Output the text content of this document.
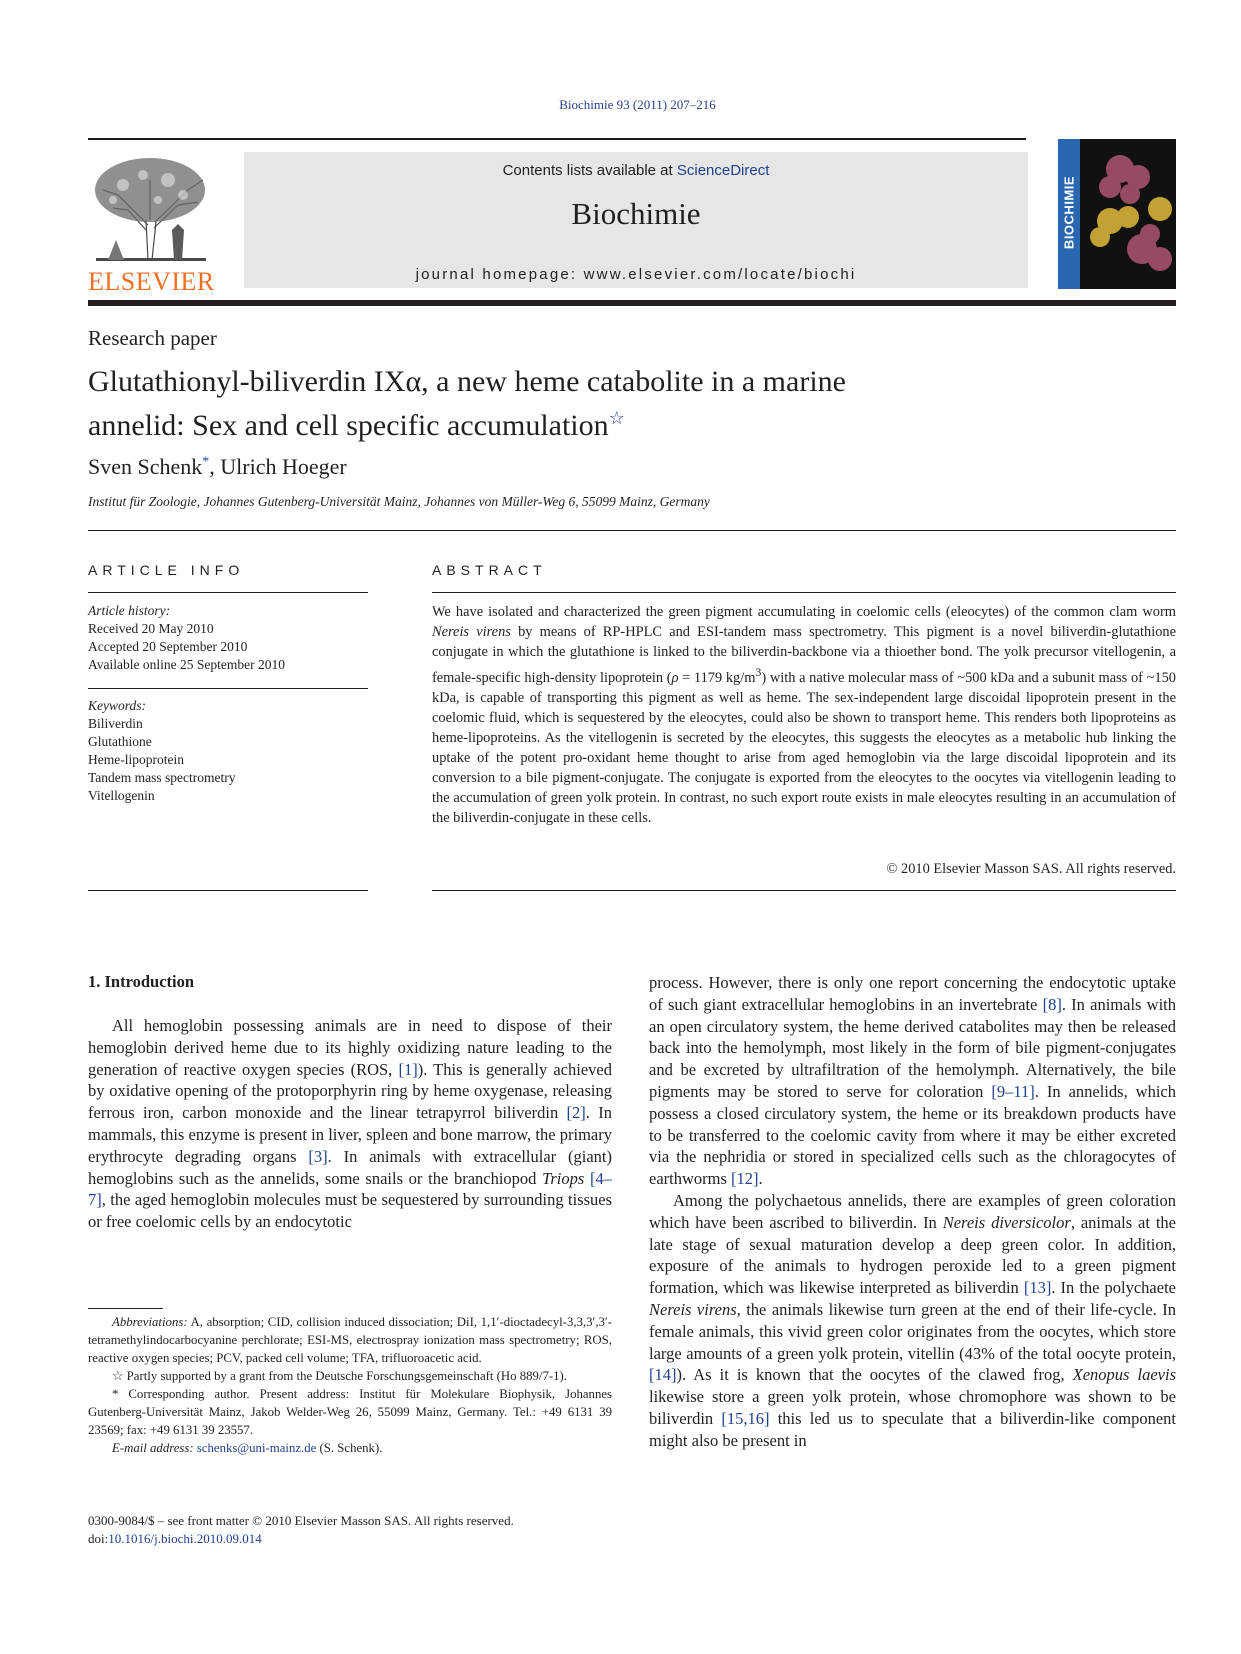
Biochimie 93 (2011) 207–216
ELSEVIER
Contents lists available at ScienceDirect
Biochimie
journal homepage: www.elsevier.com/locate/biochi
BIOCHIMIE
Research paper
Glutathionyl-biliverdin IXα, a new heme catabolite in a marine
annelid: Sex and cell specific accumulation☆
Sven Schenk*, Ulrich Hoeger
Institut für Zoologie, Johannes Gutenberg-Universität Mainz, Johannes von Müller-Weg 6, 55099 Mainz, Germany
ARTICLE INFO
Article history:
Received 20 May 2010
Accepted 20 September 2010
Available online 25 September 2010
Keywords:
Biliverdin
Glutathione
Heme-lipoprotein
Tandem mass spectrometry
Vitellogenin
ABSTRACT
We have isolated and characterized the green pigment accumulating in coelomic cells (eleocytes) of the common clam worm Nereis virens by means of RP-HPLC and ESI-tandem mass spectrometry. This pigment is a novel biliverdin-glutathione conjugate in which the glutathione is linked to the biliverdin-backbone via a thioether bond. The yolk precursor vitellogenin, a female-specific high-density lipoprotein (ρ = 1179 $kg/m^3$) with a native molecular mass of ~500 kDa and a subunit mass of ~150 kDa, is capable of transporting this pigment as well as heme. The sex-independent large discoidal lipoprotein present in the coelomic fluid, which is sequestered by the eleocytes, could also be shown to transport heme. This renders both lipoproteins as heme-lipoproteins. As the vitellogenin is secreted by the eleocytes, this suggests the eleocytes as a metabolic hub linking the uptake of the potent pro-oxidant heme thought to arise from aged hemoglobin via the large discoidal lipoprotein and its conversion to a bile pigment-conjugate. The conjugate is exported from the eleocytes to the oocytes via vitellogenin leading to the accumulation of green yolk protein. In contrast, no such export route exists in male eleocytes resulting in an accumulation of the biliverdin-conjugate in these cells.
© 2010 Elsevier Masson SAS. All rights reserved.
1. Introduction

All hemoglobin possessing animals are in need to dispose of their hemoglobin derived heme due to its highly oxidizing nature leading to the generation of reactive oxygen species (ROS, [1]). This is generally achieved by oxidative opening of the protoporphyrin ring by heme oxygenase, releasing ferrous iron, carbon monoxide and the linear tetrapyrrol biliverdin [2]. In mammals, this enzyme is present in liver, spleen and bone marrow, the primary erythrocyte degrading organs [3]. In animals with extracellular (giant) hemoglobins such as the annelids, some snails or the branchiopod Triops [4–7], the aged hemoglobin molecules must be sequestered by surrounding tissues or free coelomic cells by an endocytotic

process. However, there is only one report concerning the endocytotic uptake of such giant extracellular hemoglobins in an invertebrate [8]. In animals with an open circulatory system, the heme derived catabolites may then be released back into the hemolymph, most likely in the form of bile pigment-conjugates and be excreted by ultrafiltration of the hemolymph. Alternatively, the bile pigments may be stored to serve for coloration [9–11]. In annelids, which possess a closed circulatory system, the heme or its breakdown products have to be transferred to the coelomic cavity from where it may be either excreted via the nephridia or stored in specialized cells such as the chloragocytes of earthworms [12].

Among the polychaetous annelids, there are examples of green coloration which have been ascribed to biliverdin. In Nereis diversicolor, animals at the late stage of sexual maturation develop a deep green color. In addition, exposure of the animals to hydrogen peroxide led to a green pigment formation, which was likewise interpreted as biliverdin [13]. In the polychaete Nereis virens, the animals likewise turn green at the end of their life-cycle. In female animals, this vivid green color originates from the oocytes, which store large amounts of a green yolk protein, vitellin (43% of the total oocyte protein, [14]). As it is known that the oocytes of the clawed frog, Xenopus laevis likewise store a green yolk protein, whose chromophore was shown to be biliverdin [15,16] this led us to speculate that a biliverdin-like component might also be present in

Abbreviations: A, absorption; CID, collision induced dissociation; DiI, 1,1′-dioctadecyl-3,3,3′,3′-tetramethylindocarbocyanine perchlorate; ESI-MS, electrospray ionization mass spectrometry; ROS, reactive oxygen species; PCV, packed cell volume; TFA, trifluoroacetic acid.

☆ Partly supported by a grant from the Deutsche Forschungsgemeinschaft (Ho 889/7-1).

* Corresponding author. Present address: Institut für Molekulare Biophysik, Johannes Gutenberg-Universität Mainz, Jakob Welder-Weg 26, 55099 Mainz, Germany. Tel.: +49 6131 39 23569; fax: +49 6131 39 23557.

E-mail address: schenks@uni-mainz.de (S. Schenk).

0300-9084/$ – see front matter © 2010 Elsevier Masson SAS. All rights reserved.
doi:10.1016/j.biochi.2010.09.014
